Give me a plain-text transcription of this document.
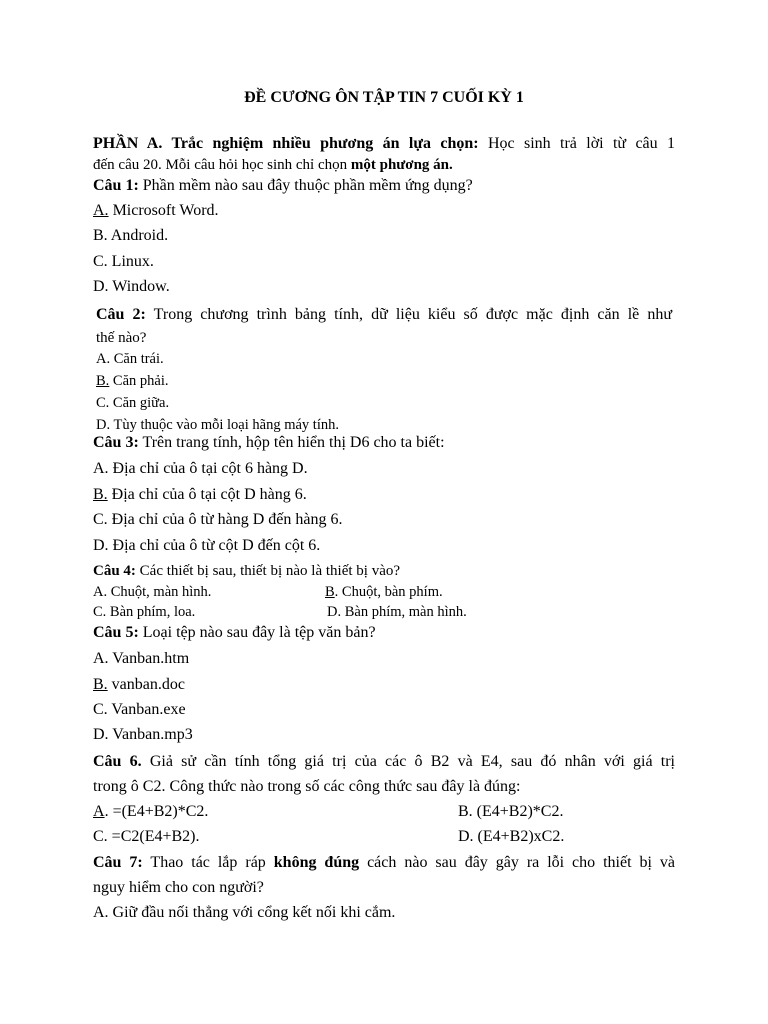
ĐỀ CƯƠNG ÔN TẬP TIN 7 CUỐI KỲ 1
PHẦN A. Trắc nghiệm nhiều phương án lựa chọn: Học sinh trả lời từ câu 1
đến câu 20. Mỗi câu hỏi học sinh chỉ chọn một phương án.
Câu 1: Phần mềm nào sau đây thuộc phần mềm ứng dụng?
A. Microsoft Word.
B. Android.
C. Linux.
D. Window.
Câu 2: Trong chương trình bảng tính, dữ liệu kiểu số được mặc định căn lề như
thế nào?
A. Căn trái.
B. Căn phải.
C. Căn giữa.
D. Tùy thuộc vào mỗi loại hãng máy tính.
Câu 3: Trên trang tính, hộp tên hiển thị D6 cho ta biết:
A. Địa chỉ của ô tại cột 6 hàng D.
B. Địa chỉ của ô tại cột D hàng 6.
C. Địa chỉ của ô từ hàng D đến hàng 6.
D. Địa chỉ của ô từ cột D đến cột 6.
Câu 4: Các thiết bị sau, thiết bị nào là thiết bị vào?
A. Chuột, màn hình.	B. Chuột, bàn phím.
C. Bàn phím, loa.	D. Bàn phím, màn hình.
Câu 5: Loại tệp nào sau đây là tệp văn bản?
A. Vanban.htm
B. vanban.doc
C. Vanban.exe
D. Vanban.mp3
Câu 6. Giả sử cần tính tổng giá trị của các ô B2 và E4, sau đó nhân với giá trị
trong ô C2. Công thức nào trong số các công thức sau đây là đúng:
A. =(E4+B2)*C2.	B. (E4+B2)*C2.
C. =C2(E4+B2).	D. (E4+B2)xC2.
Câu 7: Thao tác lắp ráp không đúng cách nào sau đây gây ra lỗi cho thiết bị và
nguy hiểm cho con người?
A. Giữ đầu nối thẳng với cổng kết nối khi cắm.
